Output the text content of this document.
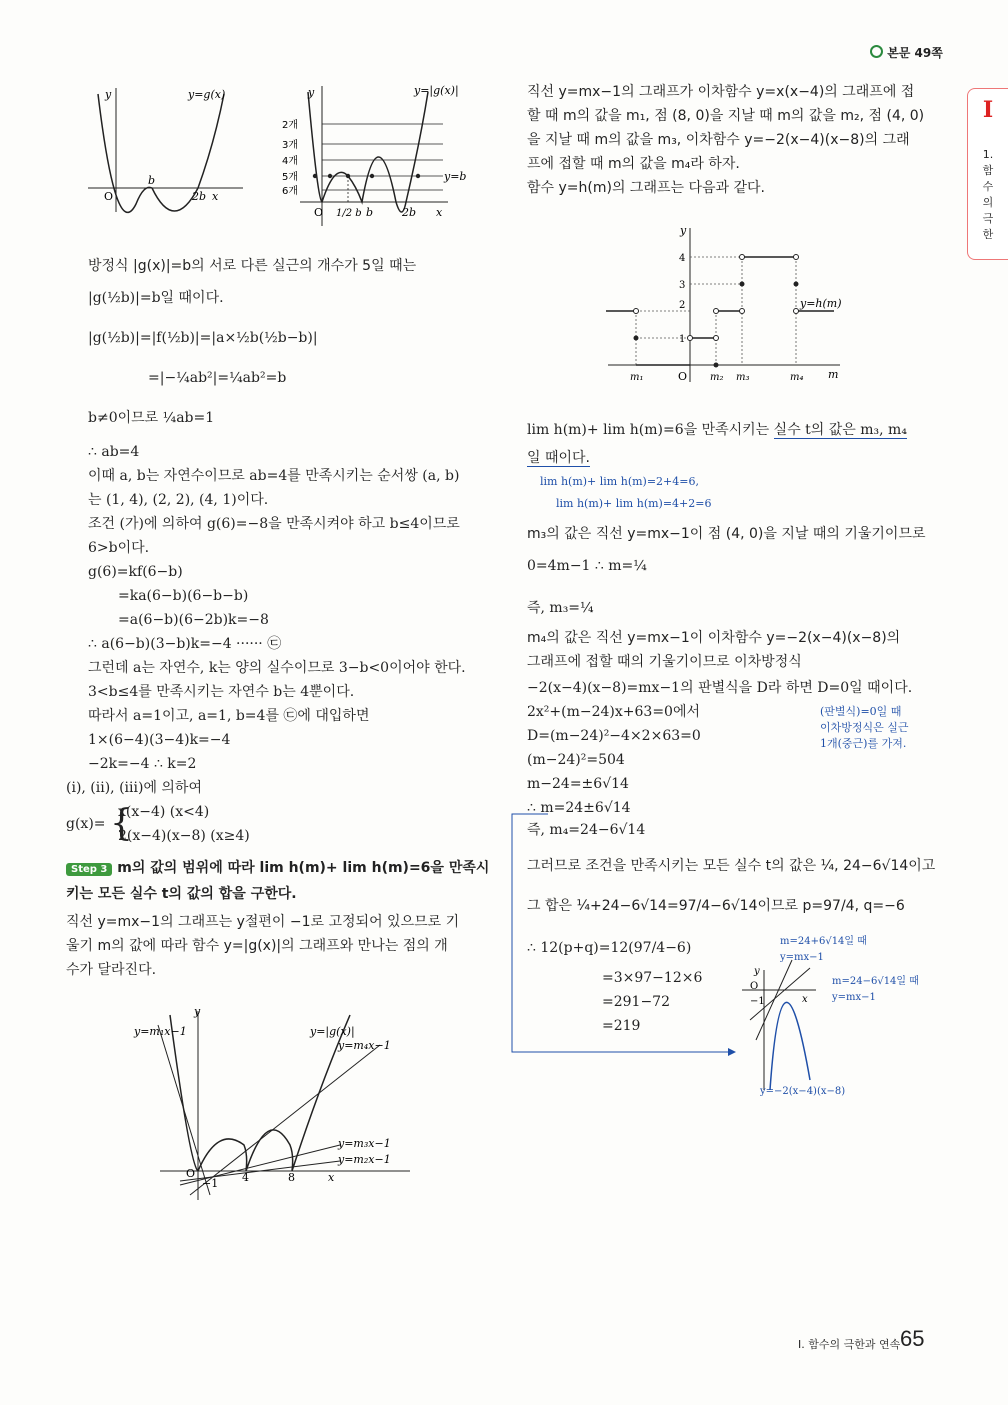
본문 49쪽
I
1. 함수의 극한
y	y=g(x)
O
b
2b x
y	y=|g(x)|
2개
3개
4개
5개
6개
y=b
O 1/2 b b	2b x
방정식 |g(x)|=b의 서로 다른 실근의 개수가 5일 때는
|g(½b)|=b일 때이다.
|g(½b)|=|f(½b)|=|a×½b(½b−b)|
=|−¼ab²|=¼ab²=b
b≠0이므로 ¼ab=1
∴ ab=4
이때 a, b는 자연수이므로 ab=4를 만족시키는 순서쌍 (a, b)
는 (1, 4), (2, 2), (4, 1)이다.
조건 (가)에 의하여 g(6)=−8을 만족시켜야 하고 b≤4이므로
6>b이다.
g(6)=kf(6−b)
=ka(6−b)(6−b−b)
=a(6−b)(6−2b)k=−8
∴ a(6−b)(3−b)k=−4 ······ ㉢
그런데 a는 자연수, k는 양의 실수이므로 3−b<0이어야 한다.
3<b≤4를 만족시키는 자연수 b는 4뿐이다.
따라서 a=1이고, a=1, b=4를 ㉢에 대입하면
1×(6−4)(3−4)k=−4
−2k=−4 ∴ k=2
(i), (ii), (iii)에 의하여
g(x)=
x(x−4) (x<4)
2(x−4)(x−8) (x≥4)
{
Step 3 m의 값의 범위에 따라 lim h(m)+ lim h(m)=6을 만족시
키는 모든 실수 t의 값의 합을 구한다.
직선 y=mx−1의 그래프는 y절편이 −1로 고정되어 있으므로 기
울기 m의 값에 따라 함수 y=|g(x)|의 그래프와 만나는 점의 개
수가 달라진다.
y
y=m₁x−1	y=|g(x)|
y=m₄x−1
y=m₃x−1
y=m₂x−1
O
−1 4	8	x
직선 y=mx−1의 그래프가 이차함수 y=x(x−4)의 그래프에 접
할 때 m의 값을 m₁, 점 (8, 0)을 지날 때 m의 값을 m₂, 점 (4, 0)
을 지날 때 m의 값을 m₃, 이차함수 y=−2(x−4)(x−8)의 그래
프에 접할 때 m의 값을 m₄라 하자.
함수 y=h(m)의 그래프는 다음과 같다.
y
y=h(m)
1
2
3
4
O
m₁	m₂ m₃	m₄ m
lim h(m)+ lim h(m)=6을 만족시키는 실수 t의 값은 m₃, m₄
일 때이다.
lim h(m)+ lim h(m)=2+4=6,
lim h(m)+ lim h(m)=4+2=6
m₃의 값은 직선 y=mx−1이 점 (4, 0)을 지날 때의 기울기이므로
0=4m−1 ∴ m=¼
즉, m₃=¼
m₄의 값은 직선 y=mx−1이 이차함수 y=−2(x−4)(x−8)의
그래프에 접할 때의 기울기이므로 이차방정식
−2(x−4)(x−8)=mx−1의 판별식을 D라 하면 D=0일 때이다.
2x²+(m−24)x+63=0에서
D=(m−24)²−4×2×63=0
(m−24)²=504
m−24=±6√14
∴ m=24±6√14
즉, m₄=24−6√14
(판별식)=0일 때
이차방정식은 실근
1개(중근)를 가져.
그러므로 조건을 만족시키는 모든 실수 t의 값은 ¼, 24−6√14이고
그 합은 ¼+24−6√14=97/4−6√14이므로 p=97/4, q=−6
∴ 12(p+q)=12(97/4−6)
=3×97−12×6
=291−72
=219
y
O
−1	x
m=24+6√14일 때
y=mx−1
m=24−6√14일 때
y=mx−1
y=−2(x−4)(x−8)
I. 함수의 극한과 연속 65
